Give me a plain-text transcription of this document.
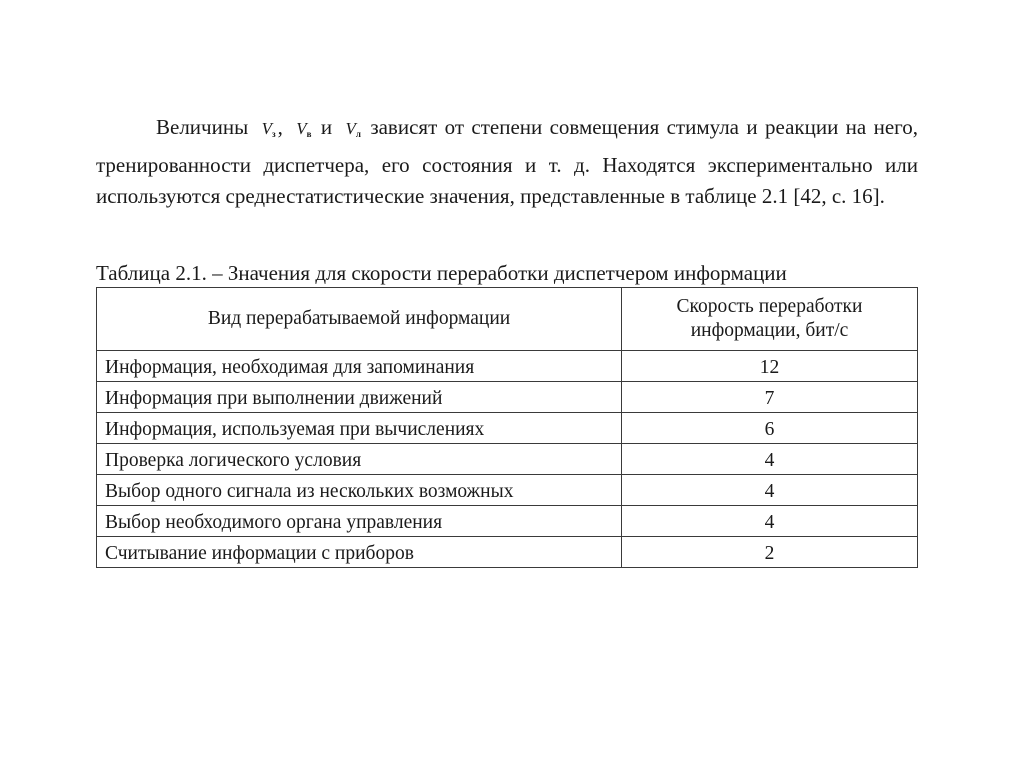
Величины $V_з$, $V_в$ и $V_л$ зависят от степени совмещения стимула и реакции на него, тренированности диспетчера, его состояния и т. д. Находятся экспериментально или используются среднестатистические значения, представленные в таблице 2.1 [42, с. 16].

Таблица 2.1. – Значения для скорости переработки диспетчером информации
Вид перерабатываемой информации	Скорость переработки информации, бит/с
Информация, необходимая для запоминания	12
Информация при выполнении движений	7
Информация, используемая при вычислениях	6
Проверка логического условия	4
Выбор одного сигнала из нескольких возможных	4
Выбор необходимого органа управления	4
Считывание информации с приборов	2
